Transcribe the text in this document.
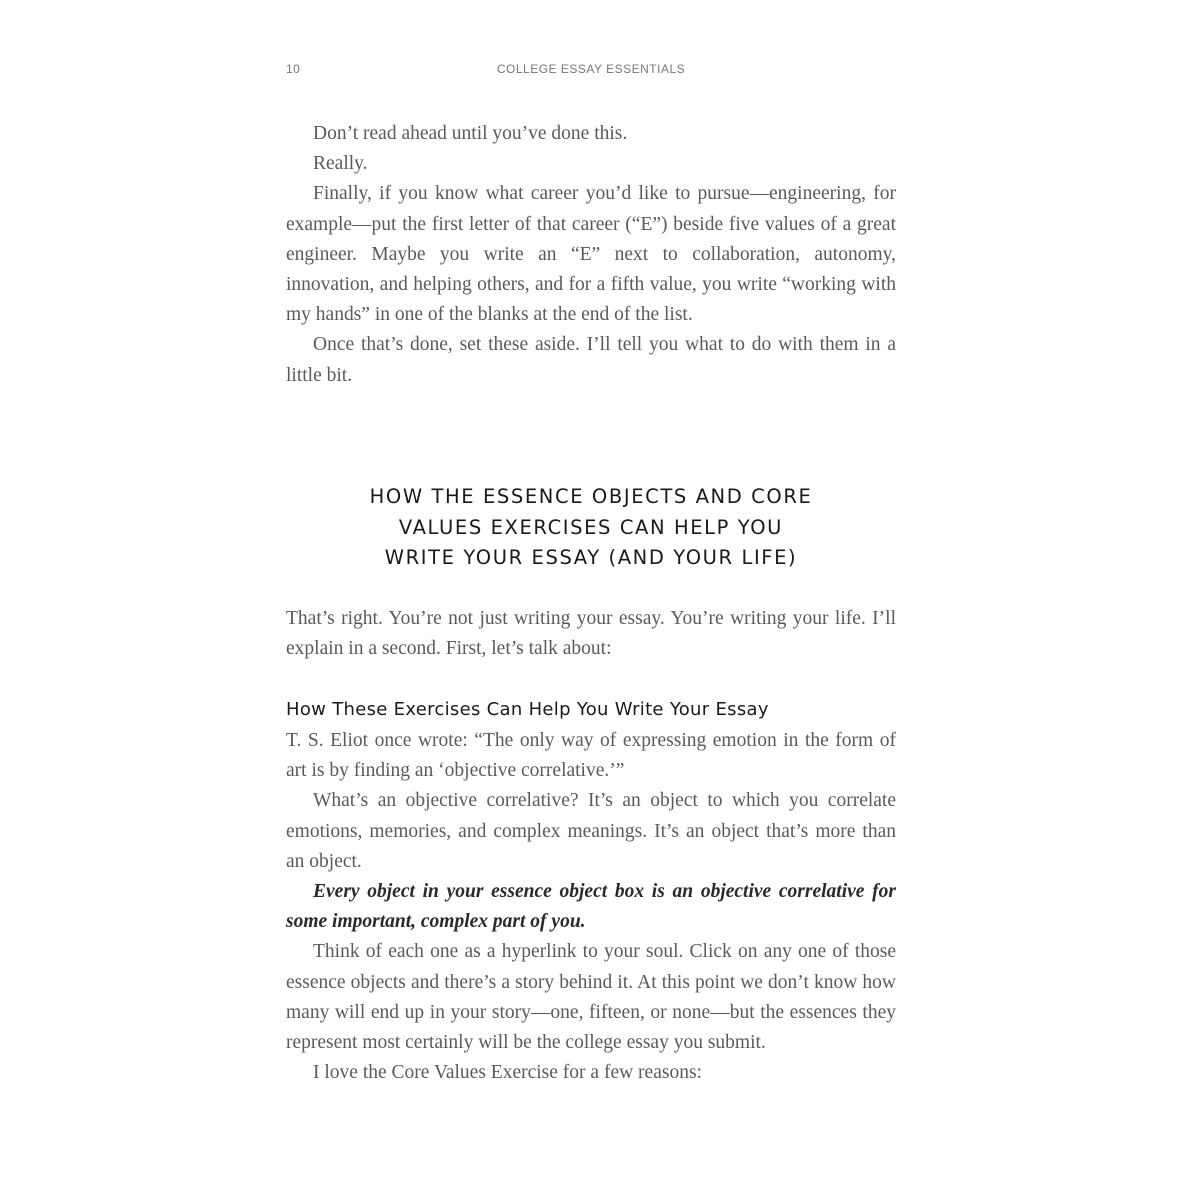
10	COLLEGE ESSAY ESSENTIALS

Don’t read ahead until you’ve done this.

Really.

Finally, if you know what career you’d like to pursue—engineering, for example—put the first letter of that career (“E”) beside five values of a great engineer. Maybe you write an “E” next to collaboration, autonomy, innovation, and helping others, and for a fifth value, you write “working with my hands” in one of the blanks at the end of the list.

Once that’s done, set these aside. I’ll tell you what to do with them in a little bit.

HOW THE ESSENCE OBJECTS AND CORE
VALUES EXERCISES CAN HELP YOU
WRITE YOUR ESSAY (AND YOUR LIFE)

That’s right. You’re not just writing your essay. You’re writing your life. I’ll explain in a second. First, let’s talk about:

How These Exercises Can Help You Write Your Essay

T. S. Eliot once wrote: “The only way of expressing emotion in the form of art is by finding an ‘objective correlative.’”

What’s an objective correlative? It’s an object to which you correlate emotions, memories, and complex meanings. It’s an object that’s more than an object.

Every object in your essence object box is an objective correlative for some important, complex part of you.

Think of each one as a hyperlink to your soul. Click on any one of those essence objects and there’s a story behind it. At this point we don’t know how many will end up in your story—one, fifteen, or none—but the essences they represent most certainly will be the college essay you submit.

I love the Core Values Exercise for a few reasons:
